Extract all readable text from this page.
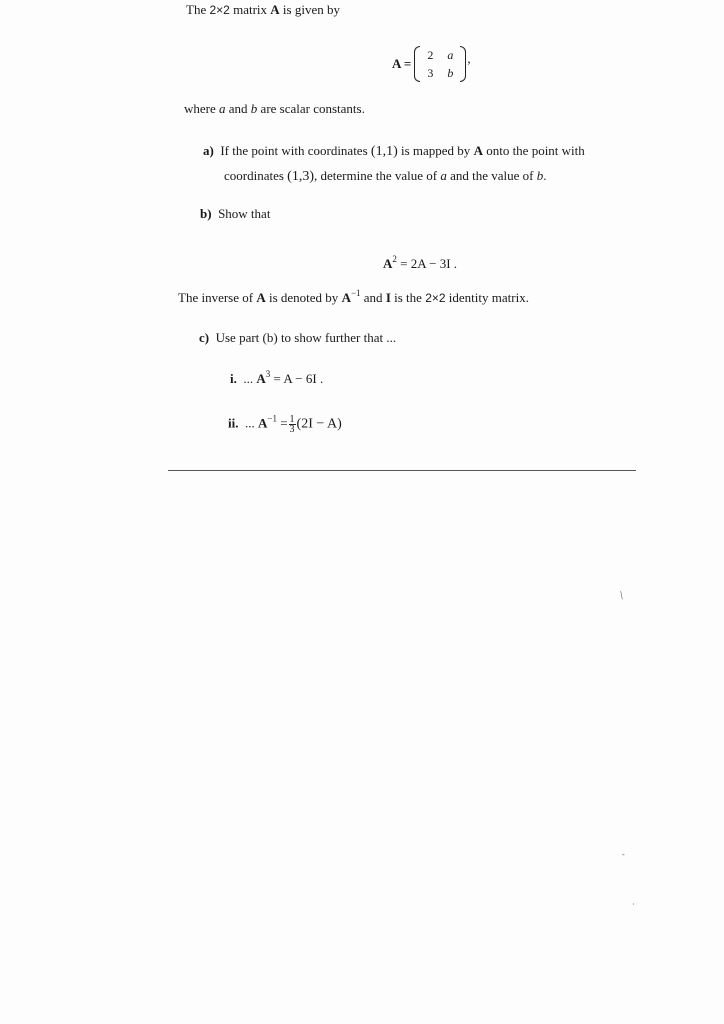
The 2×2 matrix A is given by
A =
2 a
3 b
,
where a and b are scalar constants.
a) If the point with coordinates (1,1) is mapped by A onto the point with
coordinates (1,3), determine the value of a and the value of b.
b) Show that
$A^2 = 2A - 3I$ .
The inverse of A is denoted by $A^{-1}$ and I is the 2×2 identity matrix.
c) Use part (b) to show further that ...
i. ... $A^3 = A - 6I$ .
ii. ... $A^{-1} = \frac{1}{3} (2I - A)$
/
-
·
